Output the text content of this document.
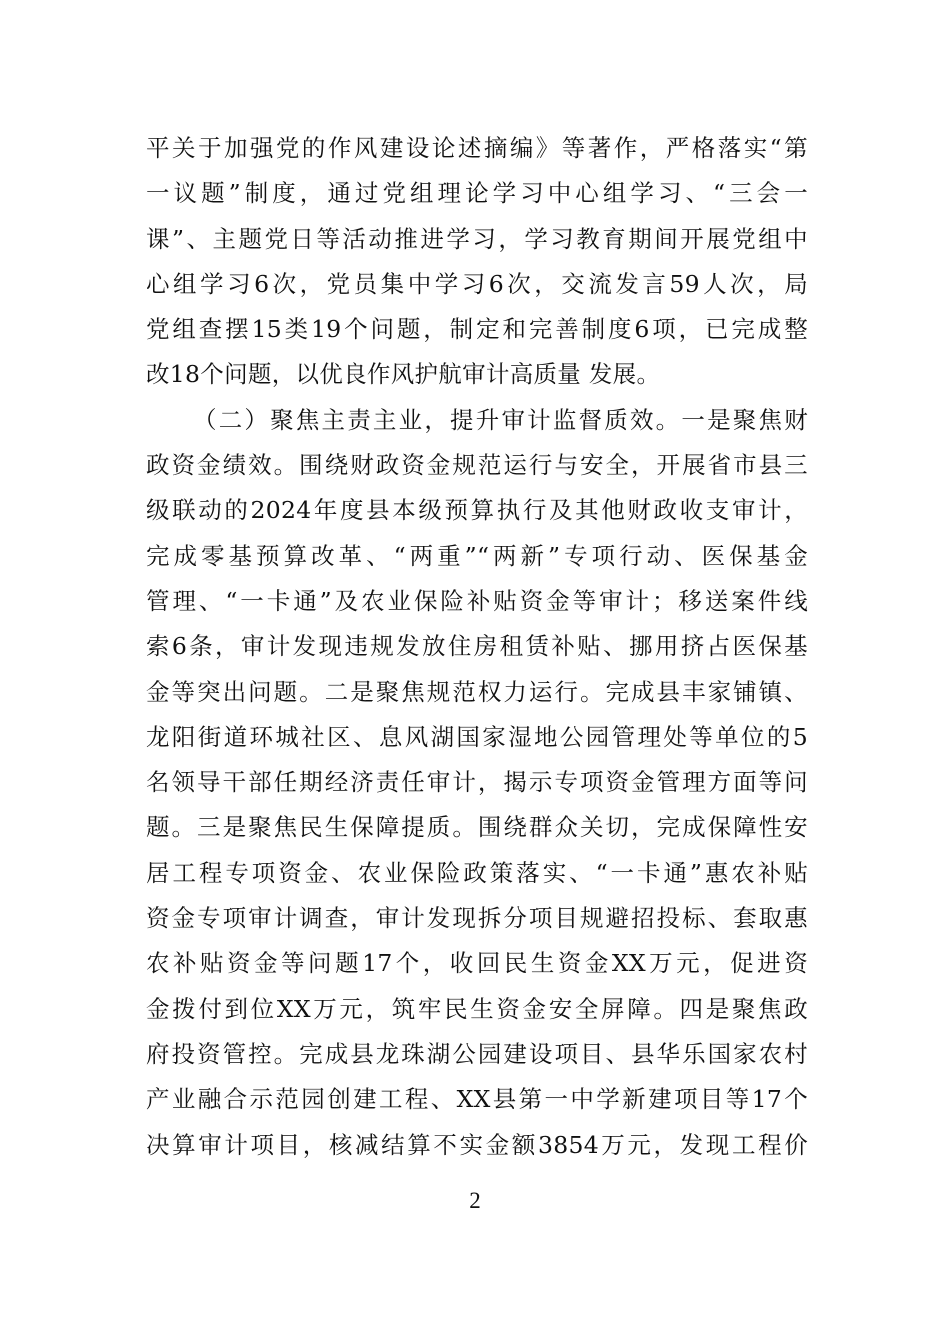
平关于加强党的作风建设论述摘编》等著作，严格落实“第
一议题”制度，通过党组理论学习中心组学习、“三会一
课”、主题党日等活动推进学习，学习教育期间开展党组中
心组学习6次，党员集中学习6次，交流发言59人次，局
党组查摆15类19个问题，制定和完善制度6项，已完成整
改18个问题，以优良作风护航审计高质量 发展。
（二）聚焦主责主业，提升审计监督质效。一是聚焦财
政资金绩效。围绕财政资金规范运行与安全，开展省市县三
级联动的2024年度县本级预算执行及其他财政收支审计，
完成零基预算改革、“两重”“两新”专项行动、医保基金
管理、“一卡通”及农业保险补贴资金等审计；移送案件线
索6条，审计发现违规发放住房租赁补贴、挪用挤占医保基
金等突出问题。二是聚焦规范权力运行。完成县丰家铺镇、
龙阳街道环城社区、息风湖国家湿地公园管理处等单位的5
名领导干部任期经济责任审计，揭示专项资金管理方面等问
题。三是聚焦民生保障提质。围绕群众关切，完成保障性安
居工程专项资金、农业保险政策落实、“一卡通”惠农补贴
资金专项审计调查，审计发现拆分项目规避招投标、套取惠
农补贴资金等问题17个，收回民生资金XX万元，促进资
金拨付到位XX万元，筑牢民生资金安全屏障。四是聚焦政
府投资管控。完成县龙珠湖公园建设项目、县华乐国家农村
产业融合示范园创建工程、XX县第一中学新建项目等17个
决算审计项目，核减结算不实金额3854万元，发现工程价
2
